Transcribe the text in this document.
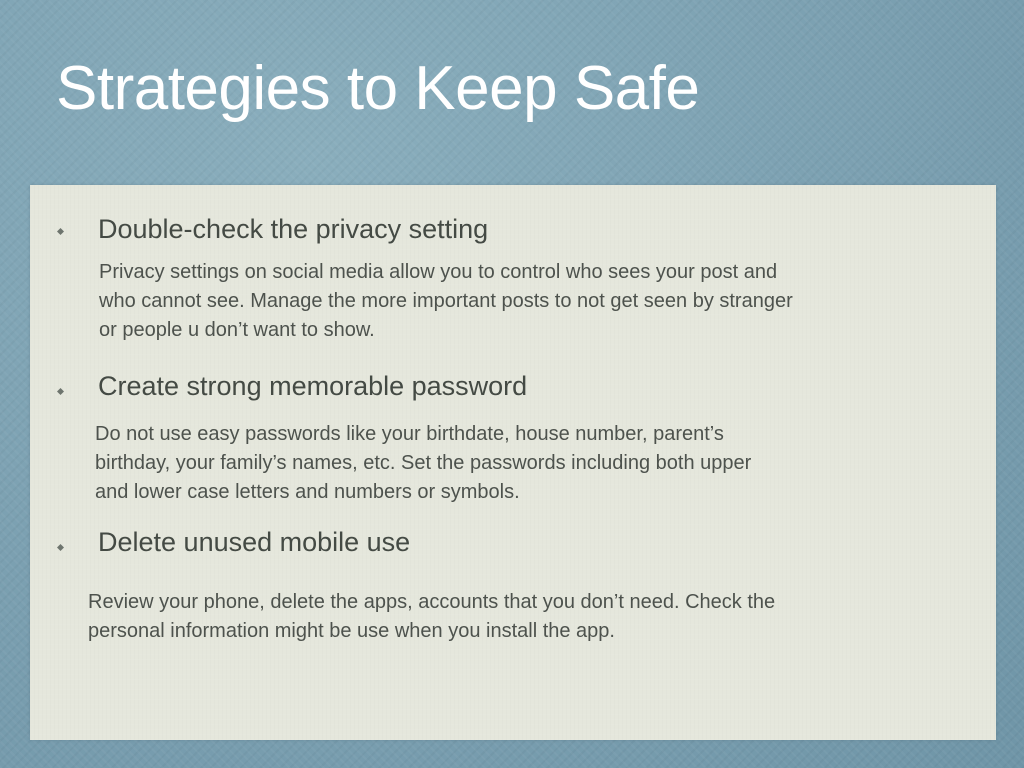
Strategies to Keep Safe
Double-check the privacy setting

Privacy settings on social media allow you to control who sees your post and
who cannot see. Manage the more important posts to not get seen by stranger
or people u don’t want to show.

Create strong memorable password

Do not use easy passwords like your birthdate, house number, parent’s
birthday, your family’s names, etc. Set the passwords including both upper
and lower case letters and numbers or symbols.

Delete unused mobile use

Review your phone, delete the apps, accounts that you don’t need. Check the
personal information might be use when you install the app.
